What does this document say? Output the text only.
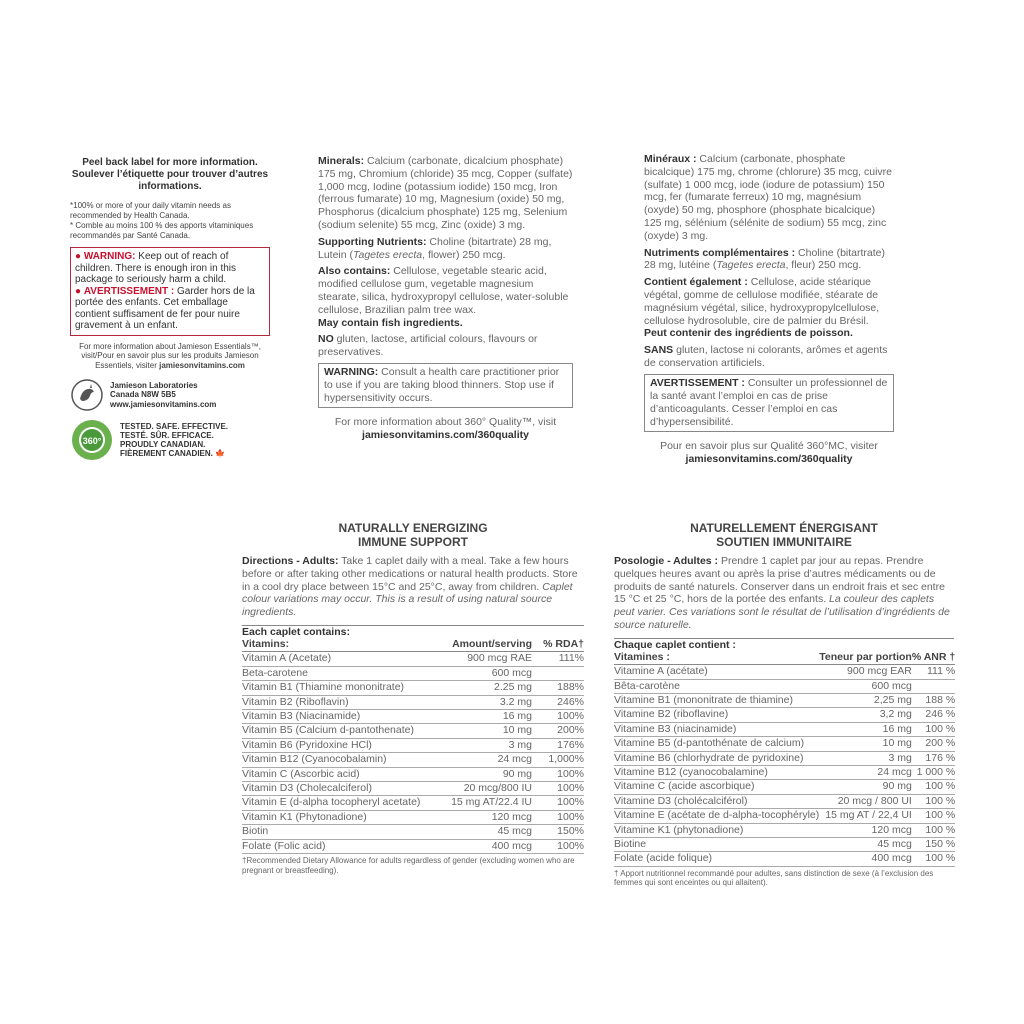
Peel back label for more information. Soulever l’étiquette pour trouver d’autres informations.
*100% or more of your daily vitamin needs as recommended by Health Canada.
* Comble au moins 100 % des apports vitaminiques recommandés par Santé Canada.
● WARNING: Keep out of reach of children. There is enough iron in this package to seriously harm a child.
● AVERTISSEMENT : Garder hors de la portée des enfants. Cet emballage contient suffisament de fer pour nuire gravement à un enfant.
For more information about Jamieson Essentials™, visit/Pour en savoir plus sur les produits Jamieson Essentiels, visiter jamiesonvitamins.com
Jamieson Laboratories
Canada N8W 5B5
www.jamiesonvitamins.com
360°
TESTED. SAFE. EFFECTIVE.
TESTÉ. SÛR. EFFICACE.
PROUDLY CANADIAN.
FIÈREMENT CANADIEN. 🍁

Minerals: Calcium (carbonate, dicalcium phosphate) 175 mg, Chromium (chloride) 35 mcg, Copper (sulfate) 1,000 mcg, Iodine (potassium iodide) 150 mcg, Iron (ferrous fumarate) 10 mg, Magnesium (oxide) 50 mg, Phosphorus (dicalcium phosphate) 125 mg, Selenium (sodium selenite) 55 mcg, Zinc (oxide) 3 mg.

Supporting Nutrients: Choline (bitartrate) 28 mg, Lutein (Tagetes erecta, flower) 250 mcg.

Also contains: Cellulose, vegetable stearic acid, modified cellulose gum, vegetable magnesium stearate, silica, hydroxypropyl cellulose, water-soluble cellulose, Brazilian palm tree wax.

May contain fish ingredients.

NO gluten, lactose, artificial colours, flavours or preservatives.

WARNING: Consult a health care practitioner prior to use if you are taking blood thinners. Stop use if hypersensitivity occurs.
For more information about 360° Quality™, visit
jamiesonvitamins.com/360quality

Minéraux : Calcium (carbonate, phosphate bicalcique) 175 mg, chrome (chlorure) 35 mcg, cuivre (sulfate) 1 000 mcg, iode (iodure de potassium) 150 mcg, fer (fumarate ferreux) 10 mg, magnésium (oxyde) 50 mg, phosphore (phosphate bicalcique) 125 mg, sélénium (sélénite de sodium) 55 mcg, zinc (oxyde) 3 mg.

Nutriments complémentaires : Choline (bitartrate) 28 mg, lutéine (Tagetes erecta, fleur) 250 mcg.

Contient également : Cellulose, acide stéarique végétal, gomme de cellulose modifiée, stéarate de magnésium végétal, silice, hydroxypropylcellulose, cellulose hydrosoluble, cire de palmier du Brésil.

Peut contenir des ingrédients de poisson.

SANS gluten, lactose ni colorants, arômes et agents de conservation artificiels.

AVERTISSEMENT : Consulter un professionnel de la santé avant l’emploi en cas de prise d’anticoagulants. Cesser l’emploi en cas d’hypersensibilité.
Pour en savoir plus sur Qualité 360°MC, visiter
jamiesonvitamins.com/360quality
NATURALLY ENERGIZING
IMMUNE SUPPORT
Directions - Adults: Take 1 caplet daily with a meal. Take a few hours before or after taking other medications or natural health products. Store in a cool dry place between 15°C and 25°C, away from children. Caplet colour variations may occur. This is a result of using natural source ingredients.
Each caplet contains:
Vitamins:	Amount/serving	% RDA†
Vitamin A (Acetate)	900 mcg RAE	111%
Beta-carotene	600 mcg	
Vitamin B1 (Thiamine mononitrate)	2.25 mg	188%
Vitamin B2 (Riboflavin)	3.2 mg	246%
Vitamin B3 (Niacinamide)	16 mg	100%
Vitamin B5 (Calcium d-pantothenate)	10 mg	200%
Vitamin B6 (Pyridoxine HCl)	3 mg	176%
Vitamin B12 (Cyanocobalamin)	24 mcg	1,000%
Vitamin C (Ascorbic acid)	90 mg	100%
Vitamin D3 (Cholecalciferol)	20 mcg/800 IU	100%
Vitamin E (d-alpha tocopheryl acetate)	15 mg AT/22.4 IU	100%
Vitamin K1 (Phytonadione)	120 mcg	100%
Biotin	45 mcg	150%
Folate (Folic acid)	400 mcg	100%
†Recommended Dietary Allowance for adults regardless of gender (excluding women who are pregnant or breastfeeding).
NATURELLEMENT ÉNERGISANT
SOUTIEN IMMUNITAIRE
Posologie - Adultes : Prendre 1 caplet par jour au repas. Prendre quelques heures avant ou après la prise d’autres médicaments ou de produits de santé naturels. Conserver dans un endroit frais et sec entre 15 °C et 25 °C, hors de la portée des enfants. La couleur des caplets peut varier. Ces variations sont le résultat de l’utilisation d’ingrédients de source naturelle.
Chaque caplet contient :
Vitamines :	Teneur par portion	% ANR †
Vitamine A (acétate)	900 mcg EAR	111 %
Bêta-carotène	600 mcg	
Vitamine B1 (mononitrate de thiamine)	2,25 mg	188 %
Vitamine B2 (riboflavine)	3,2 mg	246 %
Vitamine B3 (niacinamide)	16 mg	100 %
Vitamine B5 (d-pantothénate de calcium)	10 mg	200 %
Vitamine B6 (chlorhydrate de pyridoxine)	3 mg	176 %
Vitamine B12 (cyanocobalamine)	24 mcg	1 000 %
Vitamine C (acide ascorbique)	90 mg	100 %
Vitamine D3 (cholécalciférol)	20 mcg / 800 UI	100 %
Vitamine E (acétate de d-alpha-tocophéryle)	15 mg AT / 22,4 UI	100 %
Vitamine K1 (phytonadione)	120 mcg	100 %
Biotine	45 mcg	150 %
Folate (acide folique)	400 mcg	100 %
† Apport nutritionnel recommandé pour adultes, sans distinction de sexe (à l’exclusion des femmes qui sont enceintes ou qui allaitent).
